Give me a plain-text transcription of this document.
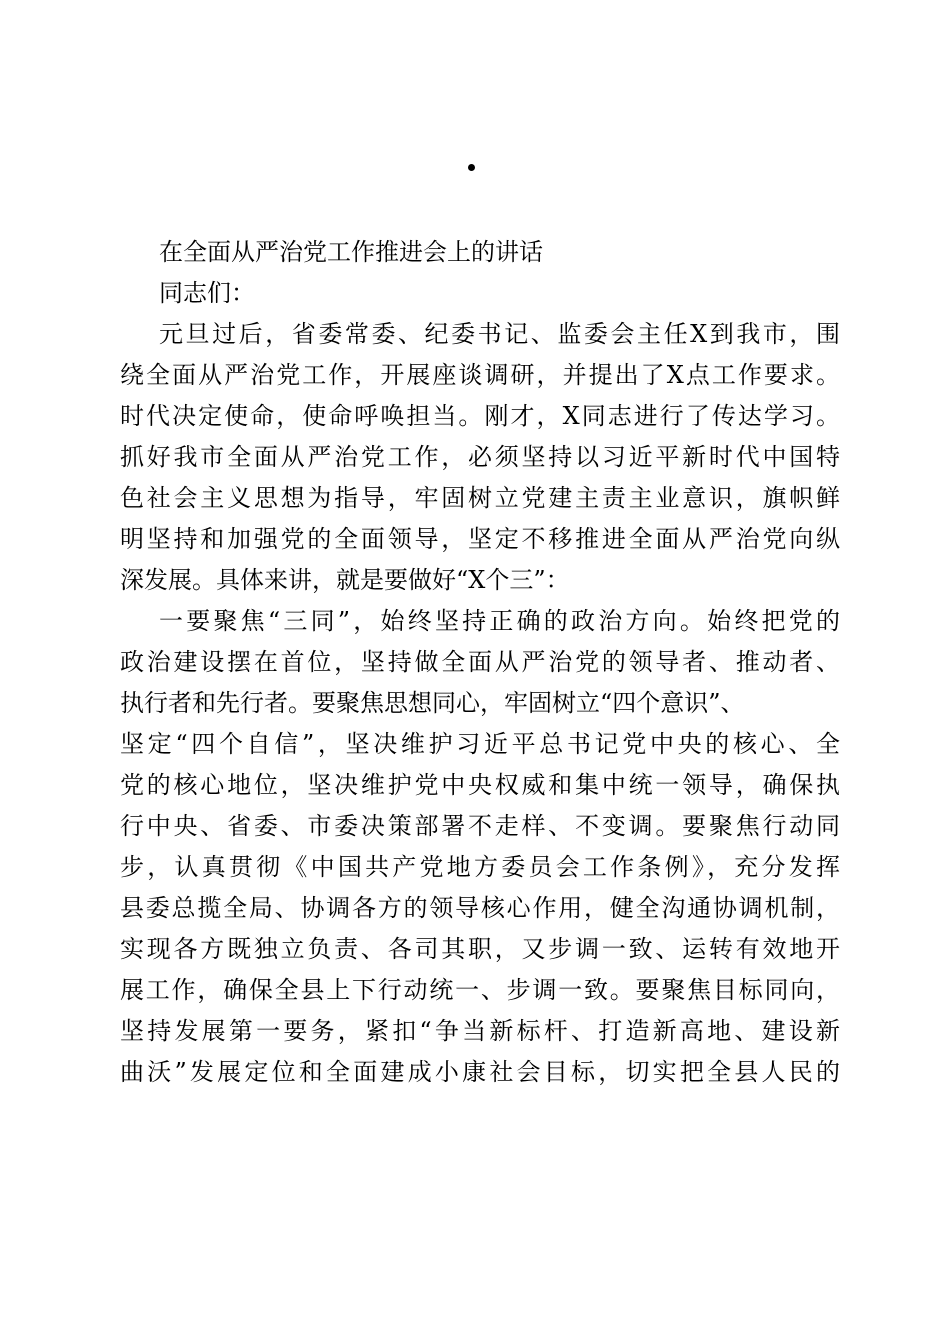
在全面从严治党工作推进会上的讲话
同志们：
元旦过后，省委常委、纪委书记、监委会主任X到我市，围
绕全面从严治党工作，开展座谈调研，并提出了X点工作要求。
时代决定使命，使命呼唤担当。刚才，X同志进行了传达学习。
抓好我市全面从严治党工作，必须坚持以习近平新时代中国特
色社会主义思想为指导，牢固树立党建主责主业意识，旗帜鲜
明坚持和加强党的全面领导，坚定不移推进全面从严治党向纵
深发展。具体来讲，就是要做好“X个三”：
一要聚焦“三同”，始终坚持正确的政治方向。始终把党的
政治建设摆在首位，坚持做全面从严治党的领导者、推动者、
执行者和先行者。要聚焦思想同心，牢固树立“四个意识”、
坚定“四个自信”，坚决维护习近平总书记党中央的核心、全
党的核心地位，坚决维护党中央权威和集中统一领导，确保执
行中央、省委、市委决策部署不走样、不变调。要聚焦行动同
步，认真贯彻《中国共产党地方委员会工作条例》，充分发挥
县委总揽全局、协调各方的领导核心作用，健全沟通协调机制，
实现各方既独立负责、各司其职，又步调一致、运转有效地开
展工作，确保全县上下行动统一、步调一致。要聚焦目标同向，
坚持发展第一要务，紧扣“争当新标杆、打造新高地、建设新
曲沃”发展定位和全面建成小康社会目标，切实把全县人民的
